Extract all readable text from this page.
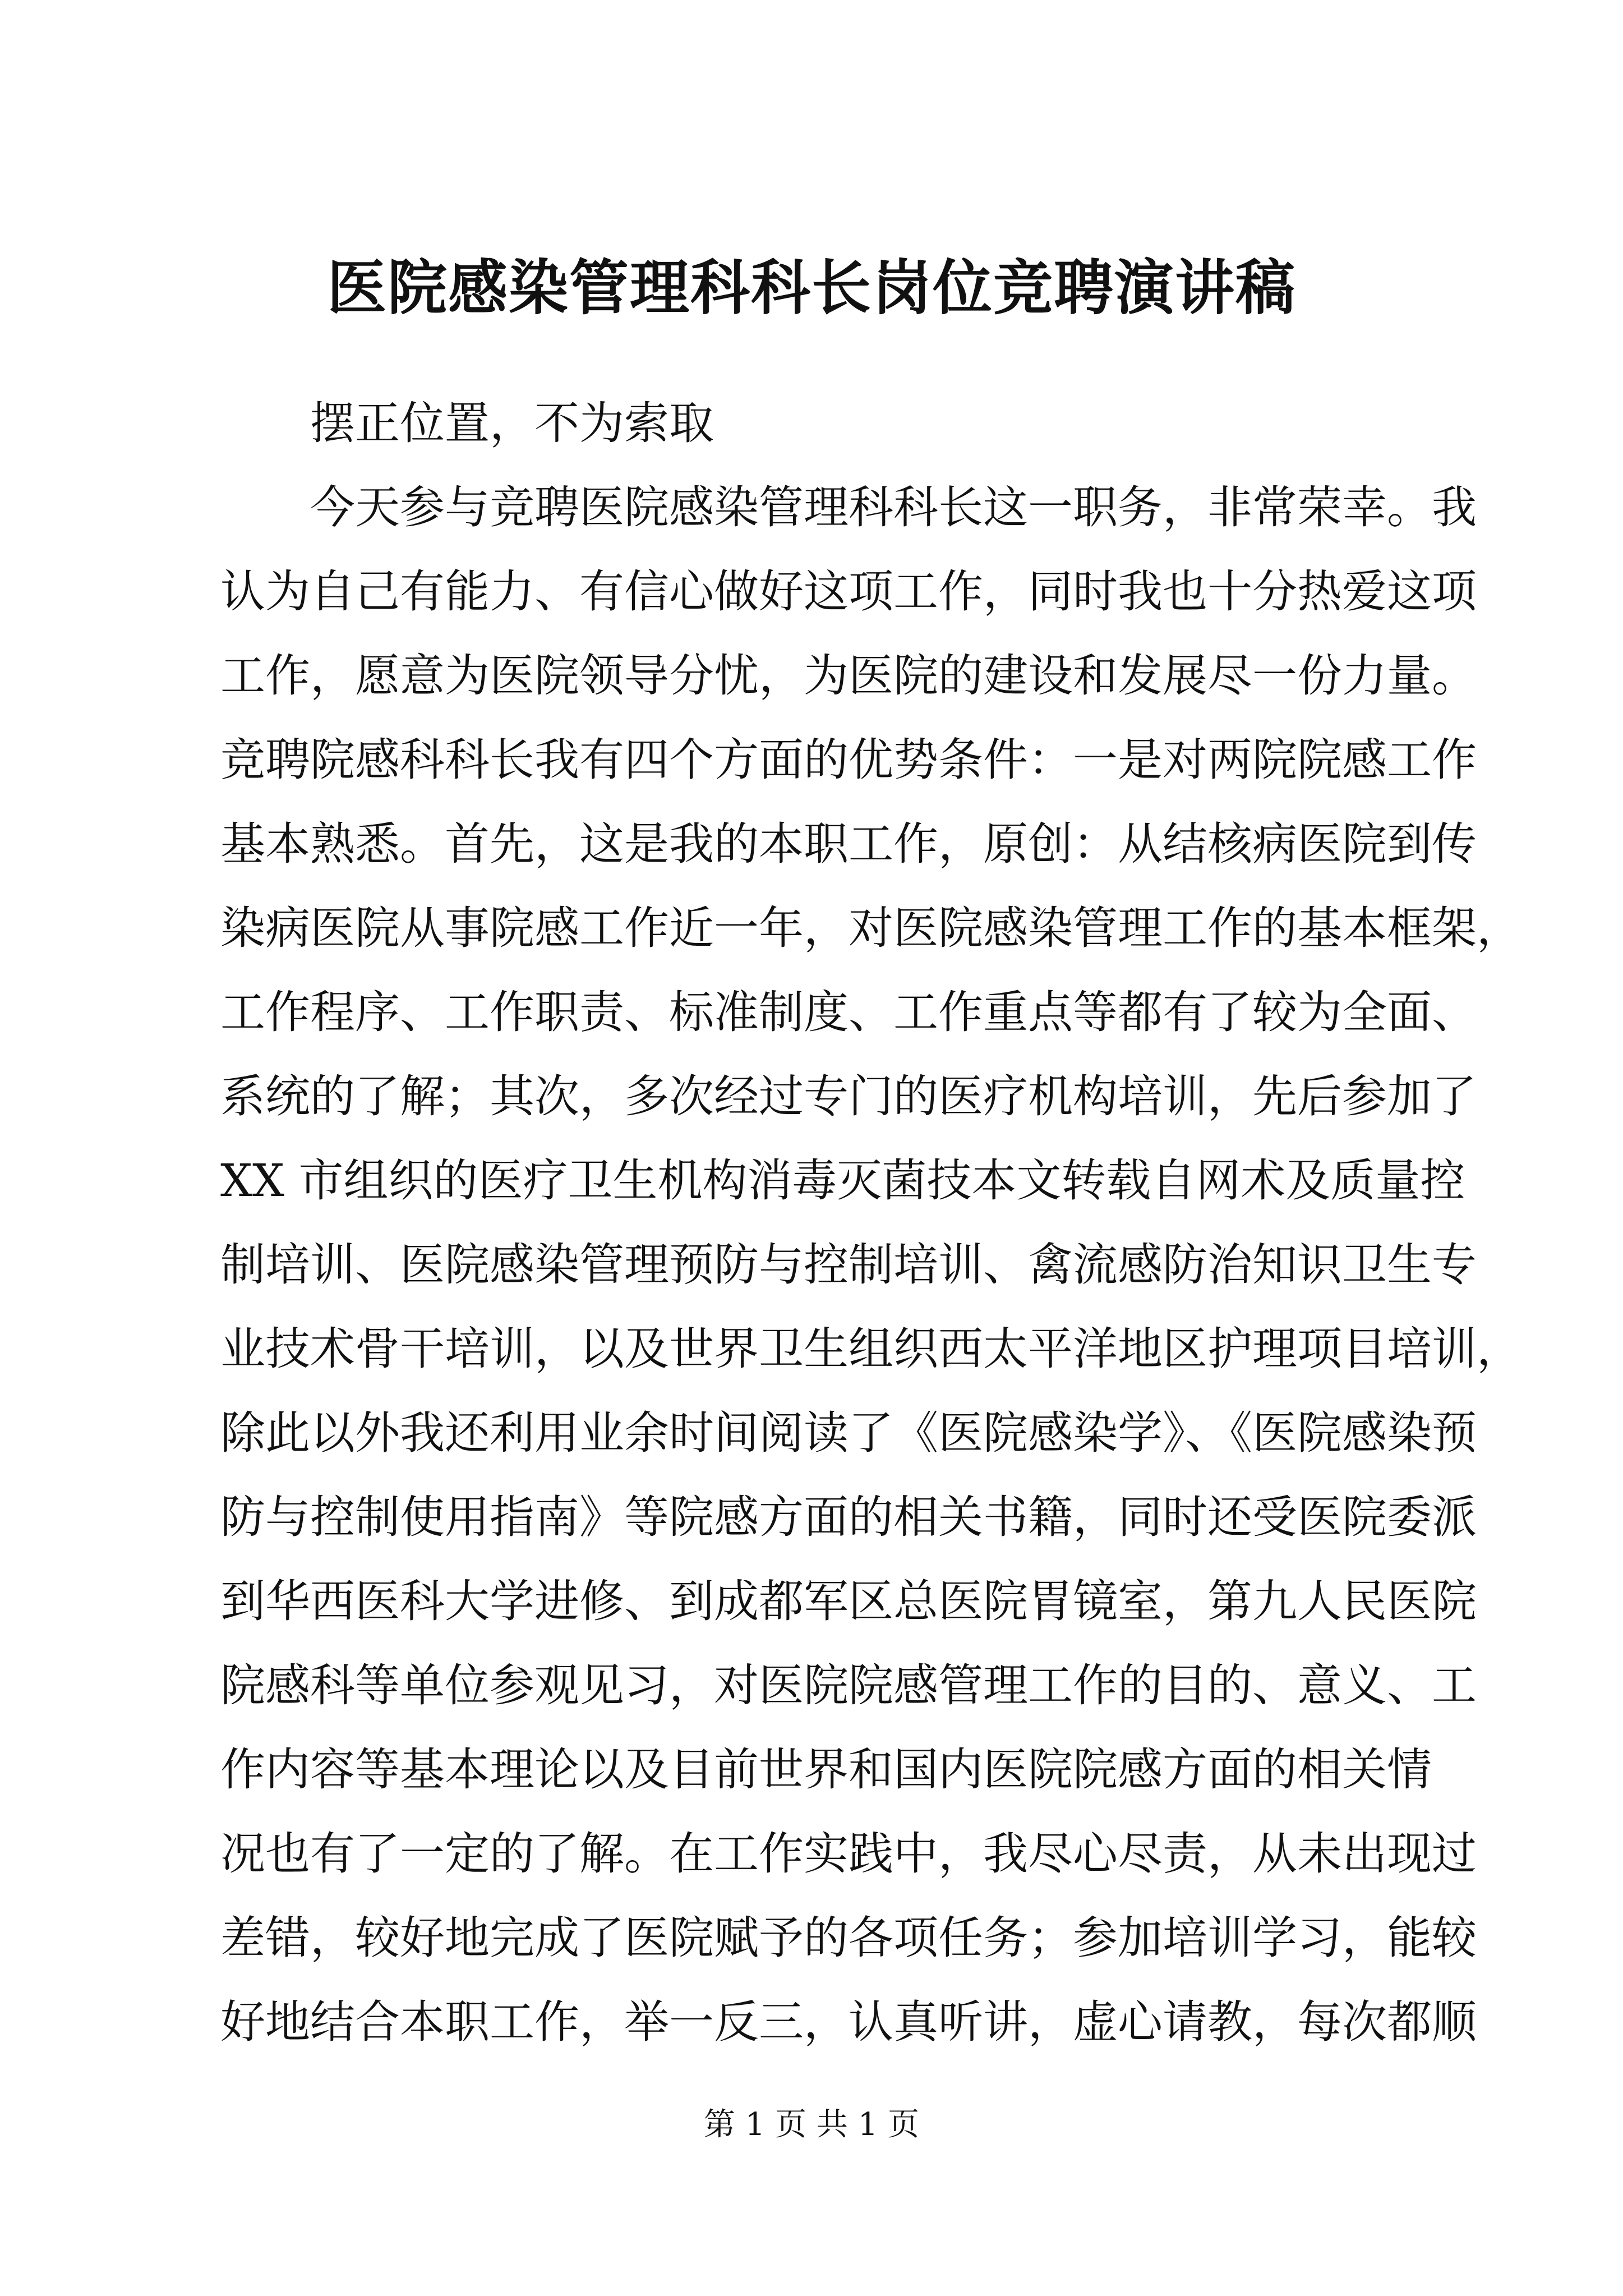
医院感染管理科科长岗位竞聘演讲稿
　　摆正位置，不为索取
　　今天参与竞聘医院感染管理科科长这一职务，非常荣幸。我
认为自己有能力、有信心做好这项工作，同时我也十分热爱这项
工作，愿意为医院领导分忧，为医院的建设和发展尽一份力量。
竞聘院感科科长我有四个方面的优势条件：一是对两院院感工作
基本熟悉。首先，这是我的本职工作，原创：从结核病医院到传
染病医院从事院感工作近一年，对医院感染管理工作的基本框架，
工作程序、工作职责、标准制度、工作重点等都有了较为全面、
系统的了解；其次，多次经过专门的医疗机构培训，先后参加了
XX 市组织的医疗卫生机构消毒灭菌技本文转载自网术及质量控
制培训、医院感染管理预防与控制培训、禽流感防治知识卫生专
业技术骨干培训，以及世界卫生组织西太平洋地区护理项目培训，
除此以外我还利用业余时间阅读了《医院感染学》、《医院感染预
防与控制使用指南》等院感方面的相关书籍，同时还受医院委派
到华西医科大学进修、到成都军区总医院胃镜室，第九人民医院
院感科等单位参观见习，对医院院感管理工作的目的、意义、工
作内容等基本理论以及目前世界和国内医院院感方面的相关情
况也有了一定的了解。在工作实践中，我尽心尽责，从未出现过
差错，较好地完成了医院赋予的各项任务；参加培训学习，能较
好地结合本职工作，举一反三，认真听讲，虚心请教，每次都顺
第 1 页 共 1 页
